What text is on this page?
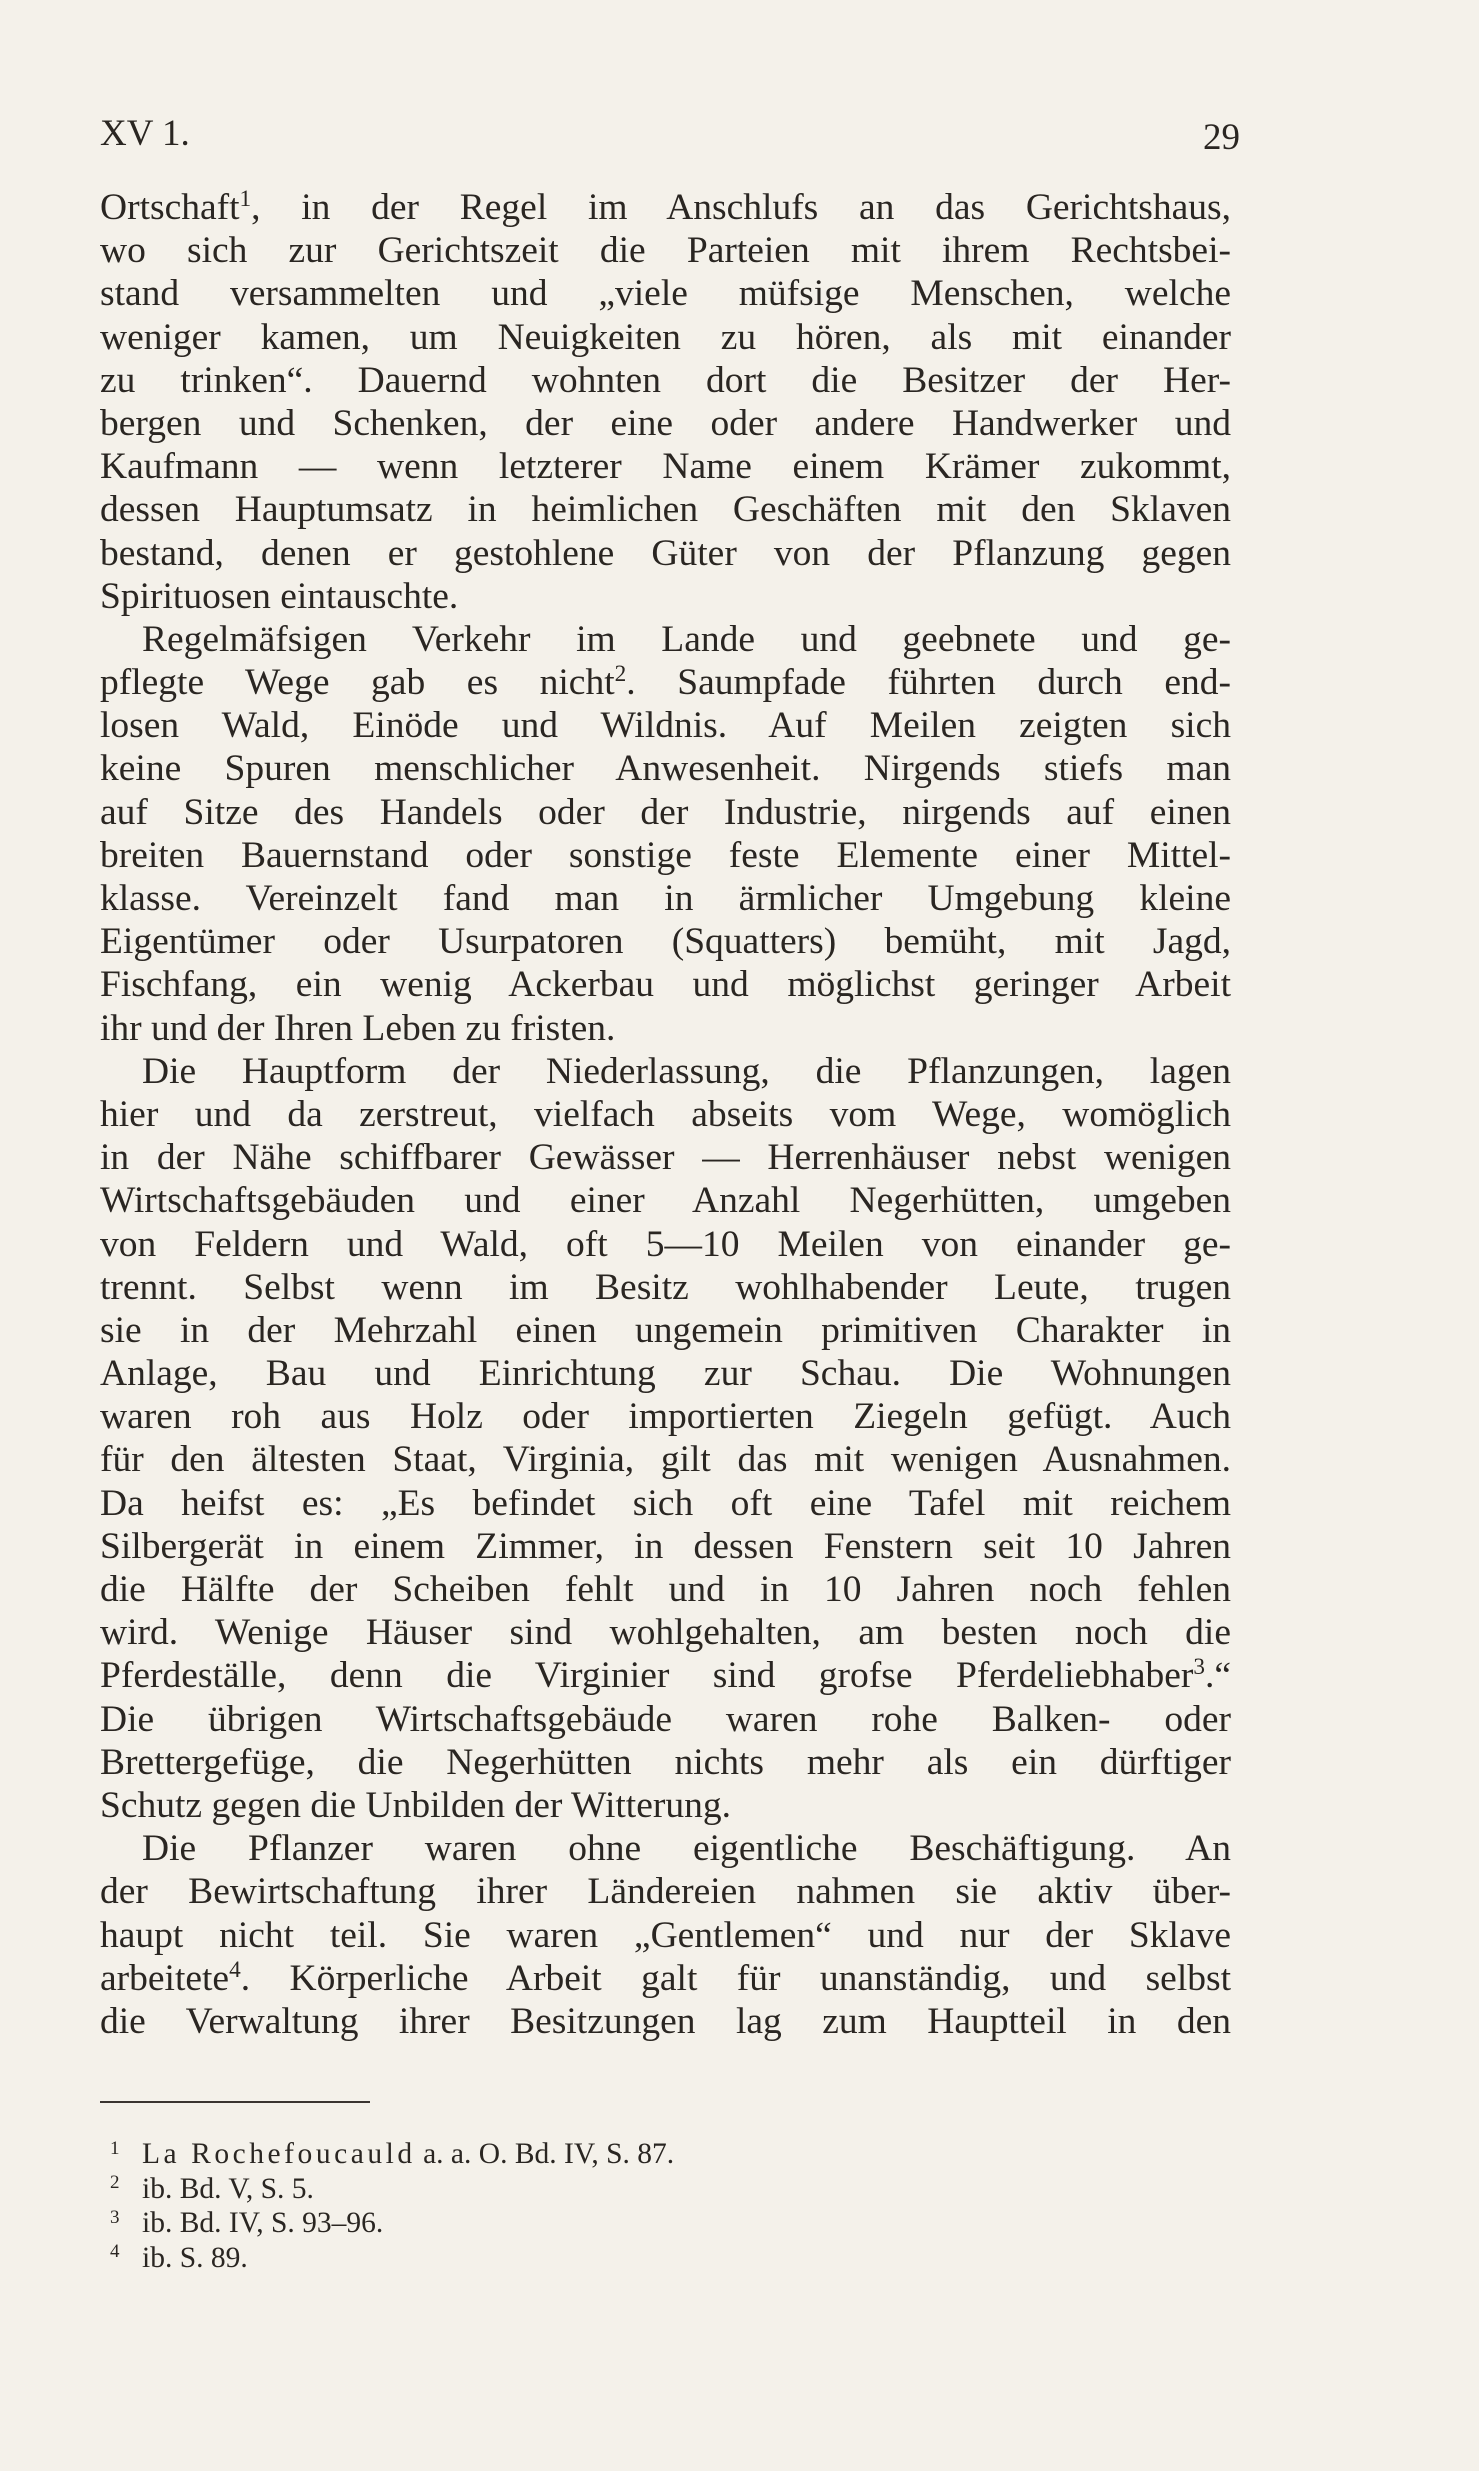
XV 1.	29
Ortschaft$^1$, in der Regel im Anschlufs an das Gerichtshaus,
wo sich zur Gerichtszeit die Parteien mit ihrem Rechtsbei-
stand versammelten und „viele müfsige Menschen, welche
weniger kamen, um Neuigkeiten zu hören, als mit einander
zu trinken“. Dauernd wohnten dort die Besitzer der Her-
bergen und Schenken, der eine oder andere Handwerker und
Kaufmann — wenn letzterer Name einem Krämer zukommt,
dessen Hauptumsatz in heimlichen Geschäften mit den Sklaven
bestand, denen er gestohlene Güter von der Pflanzung gegen
Spirituosen eintauschte.
Regelmäfsigen Verkehr im Lande und geebnete und ge-
pflegte Wege gab es nicht$^2$. Saumpfade führten durch end-
losen Wald, Einöde und Wildnis. Auf Meilen zeigten sich
keine Spuren menschlicher Anwesenheit. Nirgends stiefs man
auf Sitze des Handels oder der Industrie, nirgends auf einen
breiten Bauernstand oder sonstige feste Elemente einer Mittel-
klasse. Vereinzelt fand man in ärmlicher Umgebung kleine
Eigentümer oder Usurpatoren (Squatters) bemüht, mit Jagd,
Fischfang, ein wenig Ackerbau und möglichst geringer Arbeit
ihr und der Ihren Leben zu fristen.
Die Hauptform der Niederlassung, die Pflanzungen, lagen
hier und da zerstreut, vielfach abseits vom Wege, womöglich
in der Nähe schiffbarer Gewässer — Herrenhäuser nebst wenigen
Wirtschaftsgebäuden und einer Anzahl Negerhütten, umgeben
von Feldern und Wald, oft 5—10 Meilen von einander ge-
trennt. Selbst wenn im Besitz wohlhabender Leute, trugen
sie in der Mehrzahl einen ungemein primitiven Charakter in
Anlage, Bau und Einrichtung zur Schau. Die Wohnungen
waren roh aus Holz oder importierten Ziegeln gefügt. Auch
für den ältesten Staat, Virginia, gilt das mit wenigen Ausnahmen.
Da heifst es: „Es befindet sich oft eine Tafel mit reichem
Silbergerät in einem Zimmer, in dessen Fenstern seit 10 Jahren
die Hälfte der Scheiben fehlt und in 10 Jahren noch fehlen
wird. Wenige Häuser sind wohlgehalten, am besten noch die
Pferdeställe, denn die Virginier sind grofse Pferdeliebhaber$^3$.“
Die übrigen Wirtschaftsgebäude waren rohe Balken- oder
Brettergefüge, die Negerhütten nichts mehr als ein dürftiger
Schutz gegen die Unbilden der Witterung.
Die Pflanzer waren ohne eigentliche Beschäftigung. An
der Bewirtschaftung ihrer Ländereien nahmen sie aktiv über-
haupt nicht teil. Sie waren „Gentlemen“ und nur der Sklave
arbeitete$^4$. Körperliche Arbeit galt für unanständig, und selbst
die Verwaltung ihrer Besitzungen lag zum Hauptteil in den
1 La Rochefoucauld a. a. O. Bd. IV, S. 87.
2 ib. Bd. V, S. 5.
3 ib. Bd. IV, S. 93–96.
4 ib. S. 89.
